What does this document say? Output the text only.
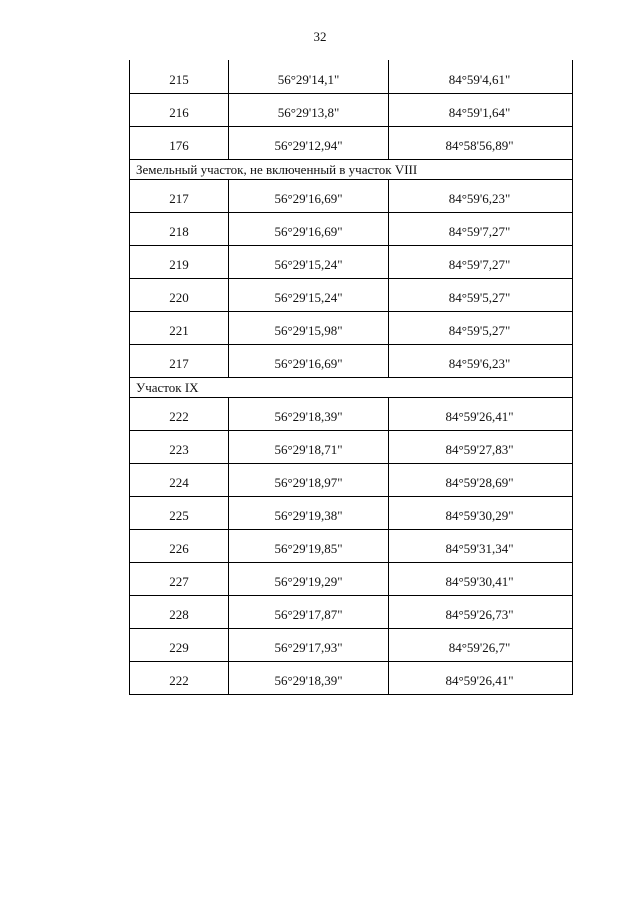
32
215	56°29'14,1"	84°59'4,61"
216	56°29'13,8"	84°59'1,64"
176	56°29'12,94"	84°58'56,89"
Земельный участок, не включенный в участок VIII
217	56°29'16,69"	84°59'6,23"
218	56°29'16,69"	84°59'7,27"
219	56°29'15,24"	84°59'7,27"
220	56°29'15,24"	84°59'5,27"
221	56°29'15,98"	84°59'5,27"
217	56°29'16,69"	84°59'6,23"
Участок IX
222	56°29'18,39"	84°59'26,41"
223	56°29'18,71"	84°59'27,83"
224	56°29'18,97"	84°59'28,69"
225	56°29'19,38"	84°59'30,29"
226	56°29'19,85"	84°59'31,34"
227	56°29'19,29"	84°59'30,41"
228	56°29'17,87"	84°59'26,73"
229	56°29'17,93"	84°59'26,7"
222	56°29'18,39"	84°59'26,41"
